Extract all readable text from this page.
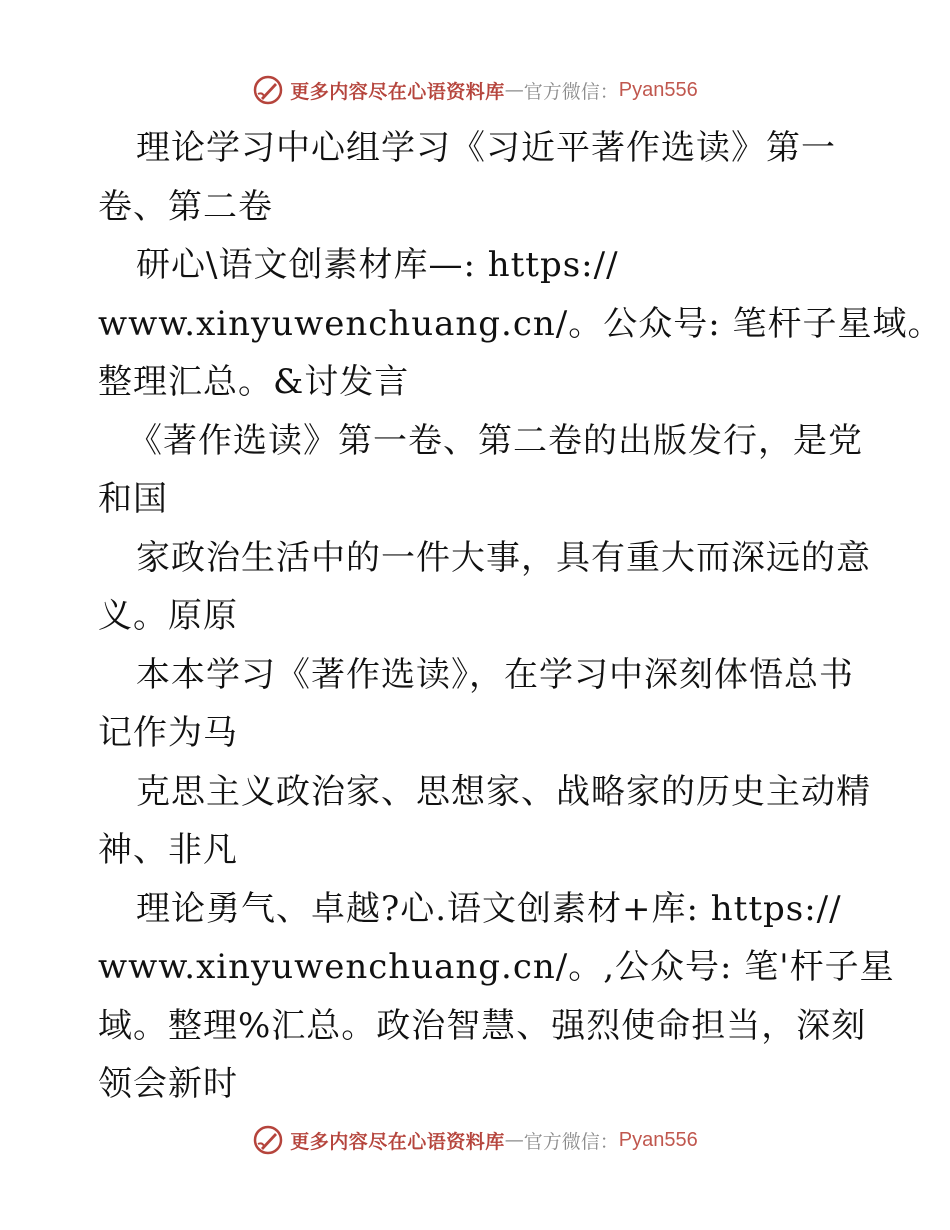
更多内容尽在心语资料库 — 官方微信： Pyan556
理论学习中心组学习《习近平著作选读》第一
卷、第二卷
研心\语文创素材库—: https://
www.xinyuwenchuang.cn/。公众号: 笔杆子星域。
整理汇总。&讨发言
《著作选读》第一卷、第二卷的出版发行，是党
和国
家政治生活中的一件大事，具有重大而深远的意
义。原原
本本学习《著作选读》，在学习中深刻体悟总书
记作为马
克思主义政治家、思想家、战略家的历史主动精
神、非凡
理论勇气、卓越?心.语文创素材+库: https://
www.xinyuwenchuang.cn/。,公众号: 笔'杆子星
域。整理%汇总。政治智慧、强烈使命担当，深刻
领会新时
更多内容尽在心语资料库 — 官方微信： Pyan556
